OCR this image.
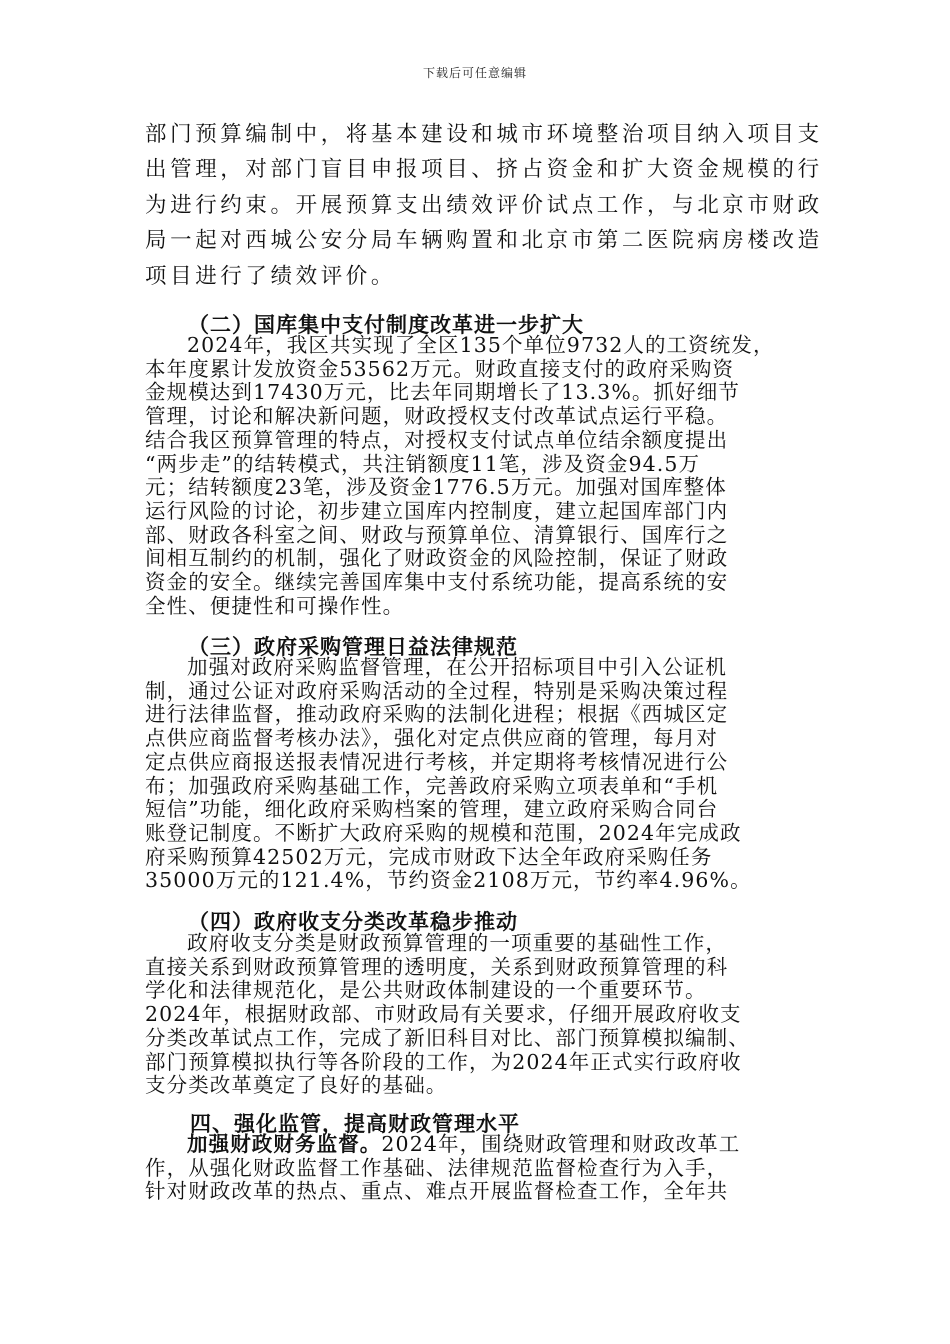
下载后可任意编辑
部门预算编制中，将基本建设和城市环境整治项目纳入项目支
出管理，对部门盲目申报项目、挤占资金和扩大资金规模的行
为进行约束。开展预算支出绩效评价试点工作，与北京市财政
局一起对西城公安分局车辆购置和北京市第二医院病房楼改造
项目进行了绩效评价。
（二）国库集中支付制度改革进一步扩大
2024年，我区共实现了全区135个单位9732人的工资统发，
本年度累计发放资金53562万元。财政直接支付的政府采购资
金规模达到17430万元，比去年同期增长了13.3%。抓好细节
管理，讨论和解决新问题，财政授权支付改革试点运行平稳。
结合我区预算管理的特点，对授权支付试点单位结余额度提出
“两步走”的结转模式，共注销额度11笔，涉及资金94.5万
元；结转额度23笔，涉及资金1776.5万元。加强对国库整体
运行风险的讨论，初步建立国库内控制度，建立起国库部门内
部、财政各科室之间、财政与预算单位、清算银行、国库行之
间相互制约的机制，强化了财政资金的风险控制，保证了财政
资金的安全。继续完善国库集中支付系统功能，提高系统的安
全性、便捷性和可操作性。
（三）政府采购管理日益法律规范
加强对政府采购监督管理，在公开招标项目中引入公证机
制，通过公证对政府采购活动的全过程，特别是采购决策过程
进行法律监督，推动政府采购的法制化进程；根据《西城区定
点供应商监督考核办法》，强化对定点供应商的管理，每月对
定点供应商报送报表情况进行考核，并定期将考核情况进行公
布；加强政府采购基础工作，完善政府采购立项表单和“手机
短信”功能，细化政府采购档案的管理，建立政府采购合同台
账登记制度。不断扩大政府采购的规模和范围，2024年完成政
府采购预算42502万元，完成市财政下达全年政府采购任务
35000万元的121.4%，节约资金2108万元，节约率4.96%。
（四）政府收支分类改革稳步推动
政府收支分类是财政预算管理的一项重要的基础性工作，
直接关系到财政预算管理的透明度，关系到财政预算管理的科
学化和法律规范化，是公共财政体制建设的一个重要环节。
2024年，根据财政部、市财政局有关要求，仔细开展政府收支
分类改革试点工作，完成了新旧科目对比、部门预算模拟编制、
部门预算模拟执行等各阶段的工作，为2024年正式实行政府收
支分类改革奠定了良好的基础。
四、强化监管，提高财政管理水平
加强财政财务监督。2024年，围绕财政管理和财政改革工
作，从强化财政监督工作基础、法律规范监督检查行为入手，
针对财政改革的热点、重点、难点开展监督检查工作，全年共
